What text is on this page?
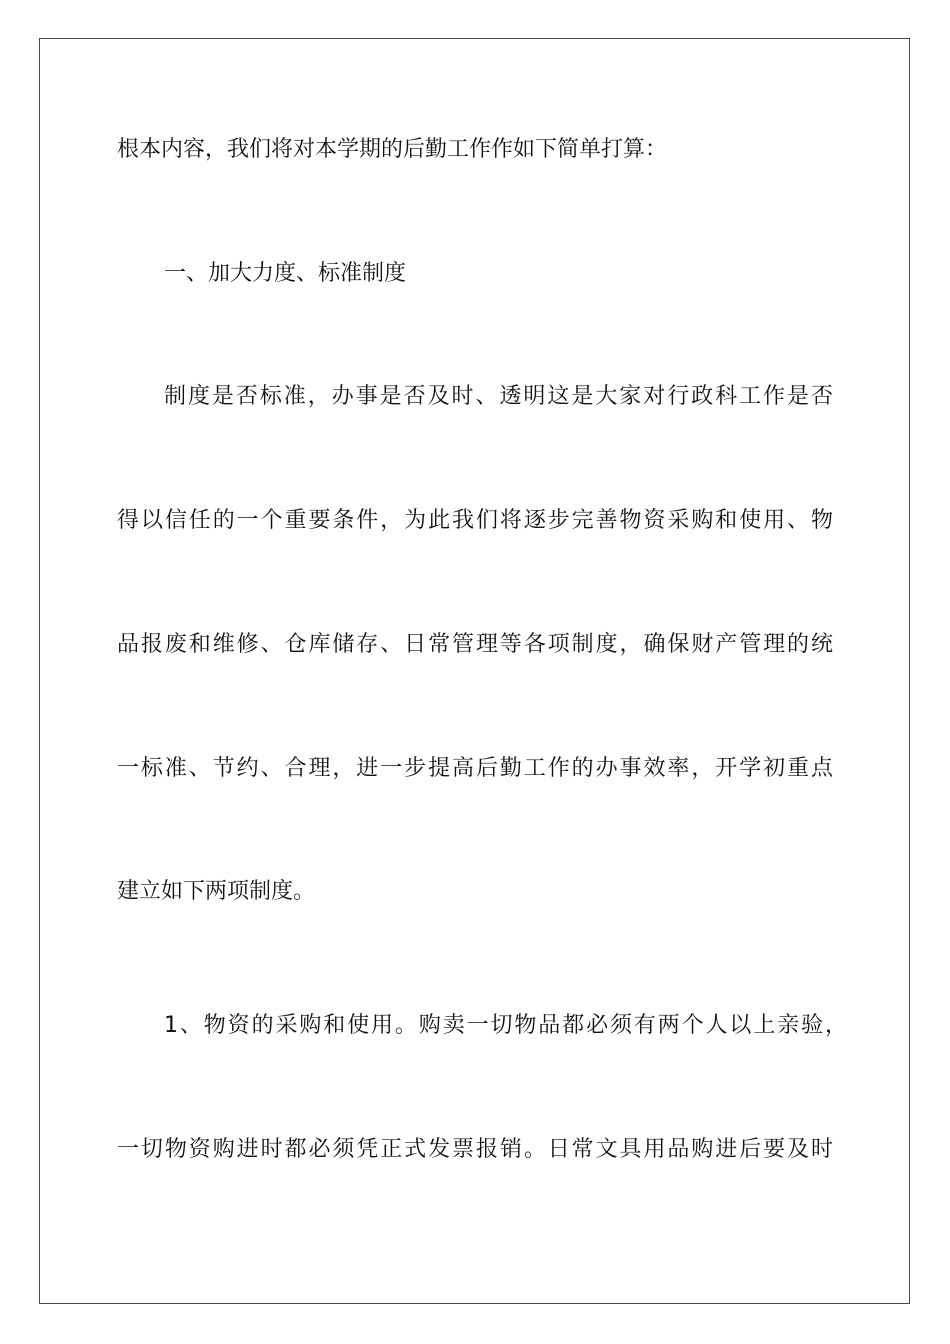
根本内容，我们将对本学期的后勤工作作如下简单打算：
一、加大力度、标准制度
制度是否标准，办事是否及时、透明这是大家对行政科工作是否
得以信任的一个重要条件，为此我们将逐步完善物资采购和使用、物
品报废和维修、仓库储存、日常管理等各项制度，确保财产管理的统
一标准、节约、合理，进一步提高后勤工作的办事效率，开学初重点
建立如下两项制度。
1、物资的采购和使用。购卖一切物品都必须有两个人以上亲验，
一切物资购进时都必须凭正式发票报销。日常文具用品购进后要及时
